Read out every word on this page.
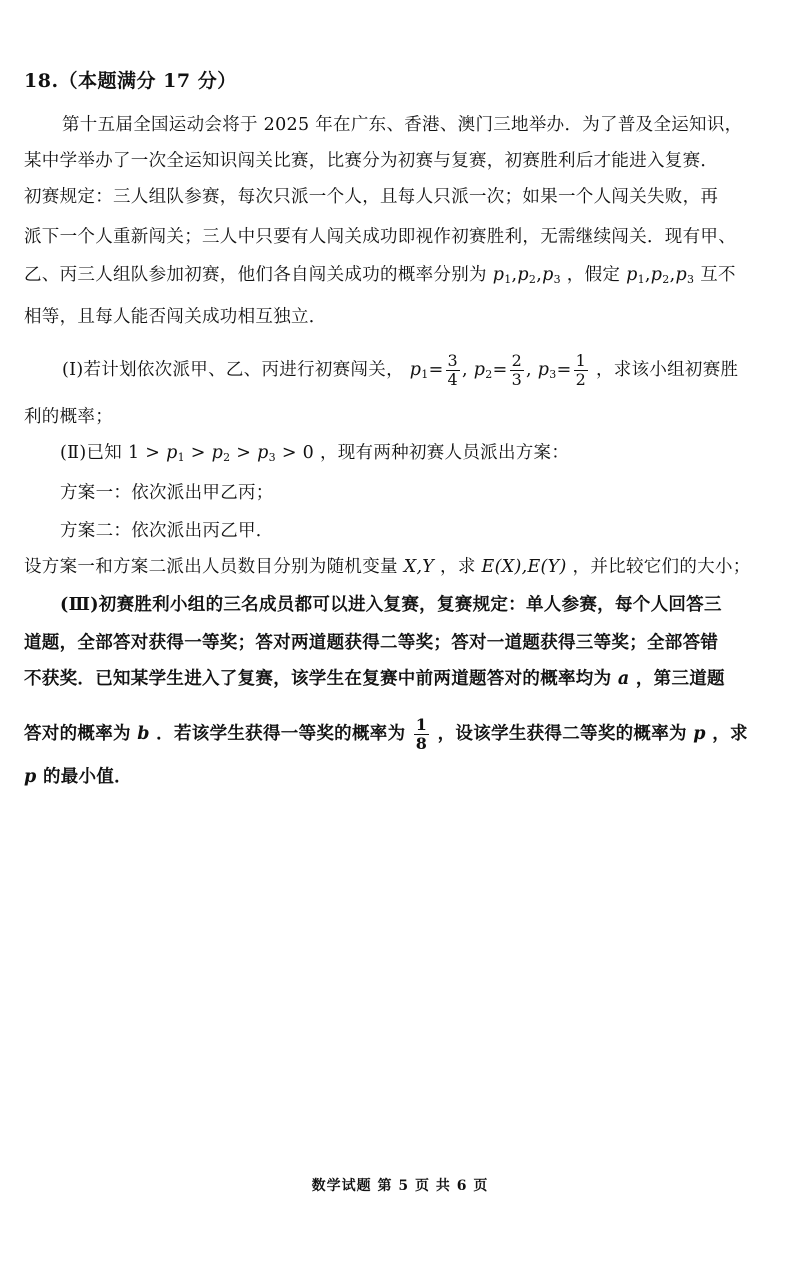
18.（本题满分 17 分）
第十五届全国运动会将于 2025 年在广东、香港、澳门三地举办．为了普及全运知识，
某中学举办了一次全运知识闯关比赛，比赛分为初赛与复赛，初赛胜利后才能进入复赛．
初赛规定：三人组队参赛，每次只派一个人，且每人只派一次；如果一个人闯关失败，再
派下一个人重新闯关；三人中只要有人闯关成功即视作初赛胜利，无需继续闯关．现有甲、
乙、丙三人组队参加初赛，他们各自闯关成功的概率分别为 $p_1,p_2,p_3$ ，假定 $p_1,p_2,p_3$ 互不
相等，且每人能否闯关成功相互独立．
(Ⅰ)若计划依次派甲、乙、丙进行初赛闯关， $p_1= \frac{3}{4}$ , $p_2= \frac{2}{3}$ , $p_3= \frac{1}{2}$ ，求该小组初赛胜
利的概率；
(Ⅱ)已知 $1 > p_1 > p_2 > p_3 > 0$ ，现有两种初赛人员派出方案：
方案一：依次派出甲乙丙；
方案二：依次派出丙乙甲．
设方案一和方案二派出人员数目分别为随机变量 X,Y ，求 E(X),E(Y) ，并比较它们的大小；
(Ⅲ)初赛胜利小组的三名成员都可以进入复赛，复赛规定：单人参赛，每个人回答三
道题，全部答对获得一等奖；答对两道题获得二等奖；答对一道题获得三等奖；全部答错
不获奖．已知某学生进入了复赛，该学生在复赛中前两道题答对的概率均为 a ，第三道题
答对的概率为 b ．若该学生获得一等奖的概率为 $\frac{1}{8}$ ，设该学生获得二等奖的概率为 p ，求
p 的最小值．
数学试题 第 5 页 共 6 页
